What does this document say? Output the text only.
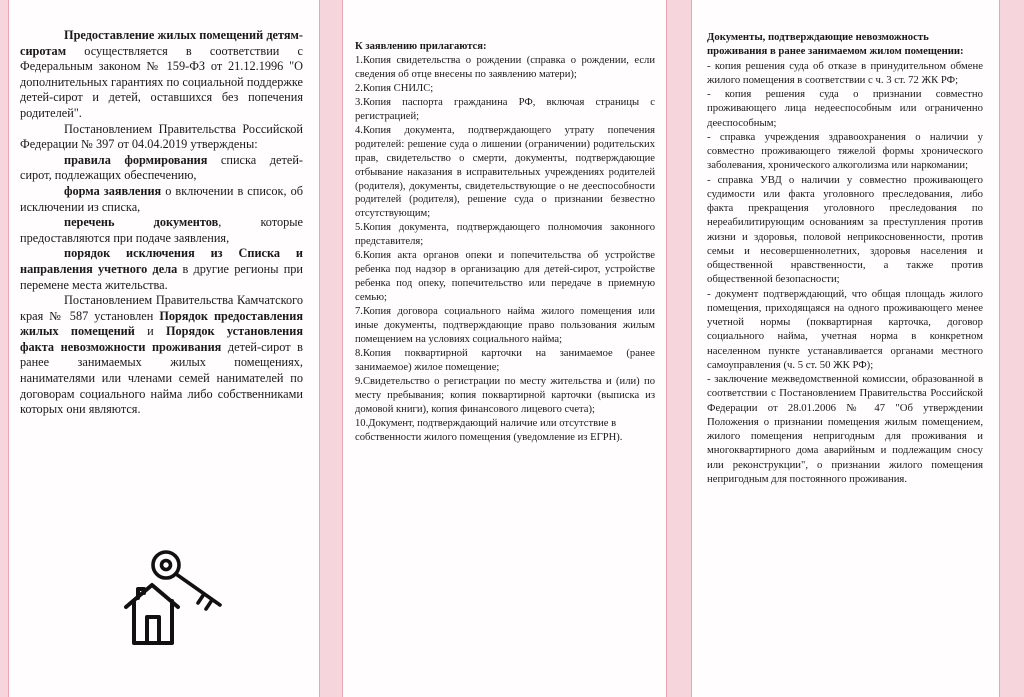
Предоставление жилых помещений детям-сиротам осуществляется в соответствии с Федеральным законом № 159-ФЗ от 21.12.1996 "О дополнительных гарантиях по социальной поддержке детей-сирот и детей, оставшихся без попечения родителей".

Постановлением Правительства Российской Федерации № 397 от 04.04.2019 утверждены:

правила формирования списка детей-сирот, подлежащих обеспечению,

форма заявления о включении в список, об исключении из списка,

перечень документов, которые предоставляются при подаче заявления,

порядок исключения из Списка и направления учетного дела в другие регионы при перемене места жительства.

Постановлением Правительства Камчатского края № 587 установлен Порядок предоставления жилых помещений и Порядок установления факта невозможности проживания детей-сирот в ранее занимаемых жилых помещениях, нанимателями или членами семей нанимателей по договорам социального найма либо собственниками которых они являются.

К заявлению прилагаются:

1.Копия свидетельства о рождении (справка о рождении, если сведения об отце внесены по заявлению матери);

2.Копия СНИЛС;

3.Копия паспорта гражданина РФ, включая страницы с регистрацией;

4.Копия документа, подтверждающего утрату попечения родителей: решение суда о лишении (ограничении) родительских прав, свидетельство о смерти, документы, подтверждающие отбывание наказания в исправительных учреждениях родителей (родителя), документы, свидетельствующие о не дееспособности родителей (родителя), решение суда о признании безвестно отсутствующим;

5.Копия документа, подтверждающего полномочия законного представителя;

6.Копия акта органов опеки и попечительства об устройстве ребенка под надзор в организацию для детей-сирот, устройстве ребенка под опеку, попечительство или передаче в приемную семью;

7.Копия договора социального найма жилого помещения или иные документы, подтверждающие право пользования жилым помещением на условиях социального найма;

8.Копия поквартирной карточки на занимаемое (ранее занимаемое) жилое помещение;

9.Свидетельство о регистрации по месту жительства и (или) по месту пребывания; копия поквартирной карточки (выписка из домовой книги), копия финансового лицевого счета);

10.Документ, подтверждающий наличие или отсутствие в собственности жилого помещения (уведомление из ЕГРН).

Документы, подтверждающие невозможность проживания в ранее занимаемом жилом помещении:

- копия решения суда об отказе в принудительном обмене жилого помещения в соответствии с ч. 3 ст. 72 ЖК РФ;

- копия решения суда о признании совместно проживающего лица недееспособным или ограниченно дееспособным;

- справка учреждения здравоохранения о наличии у совместно проживающего тяжелой формы хронического заболевания, хронического алкоголизма или наркомании;

- справка УВД о наличии у совместно проживающего судимости или факта уголовного преследования, либо факта прекращения уголовного преследования по нереабилитирующим основаниям за преступления против жизни и здоровья, половой неприкосновенности, против семьи и несовершеннолетних, здоровья населения и общественной нравственности, а также против общественной безопасности;

- документ подтверждающий, что общая площадь жилого помещения, приходящаяся на одного проживающего менее учетной нормы (поквартирная карточка, договор социального найма, учетная норма в конкретном населенном пункте устанавливается органами местного самоуправления (ч. 5 ст. 50 ЖК РФ);

- заключение межведомственной комиссии, образованной в соответствии с Постановлением Правительства Российской Федерации от 28.01.2006 № 47 "Об утверждении Положения о признании помещения жилым помещением, жилого помещения непригодным для проживания и многоквартирного дома аварийным и подлежащим сносу или реконструкции", о признании жилого помещения непригодным для постоянного проживания.
